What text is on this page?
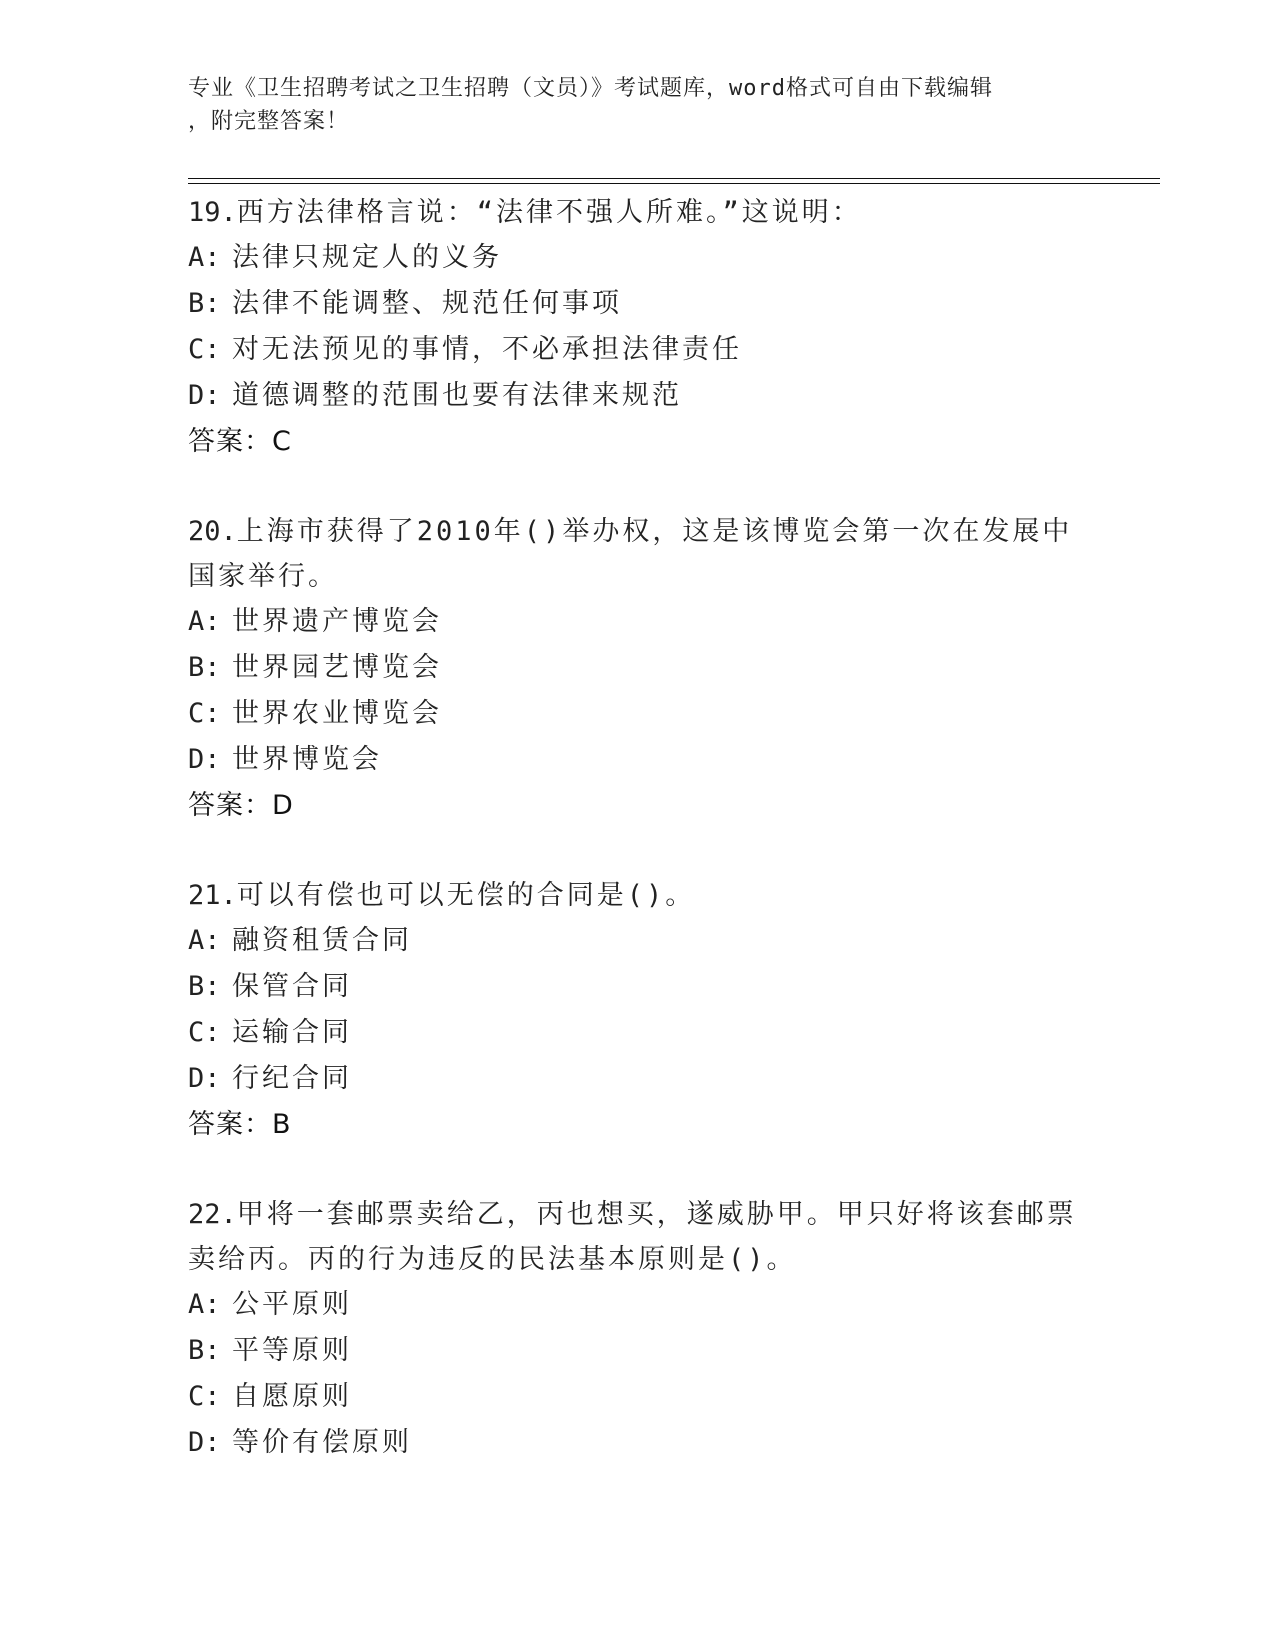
专业《卫生招聘考试之卫生招聘（文员）》考试题库，word格式可自由下载编辑
，附完整答案！

19.西方法律格言说：“法律不强人所难。”这说明：

A: 法律只规定人的义务

B: 法律不能调整、规范任何事项

C: 对无法预见的事情，不必承担法律责任

D: 道德调整的范围也要有法律来规范

答案：C

20.上海市获得了2010年()举办权，这是该博览会第一次在发展中国家举行。

A: 世界遗产博览会

B: 世界园艺博览会

C: 世界农业博览会

D: 世界博览会

答案：D

21.可以有偿也可以无偿的合同是()。

A: 融资租赁合同

B: 保管合同

C: 运输合同

D: 行纪合同

答案：B

22.甲将一套邮票卖给乙，丙也想买，遂威胁甲。甲只好将该套邮票卖给丙。丙的行为违反的民法基本原则是()。

A: 公平原则

B: 平等原则

C: 自愿原则

D: 等价有偿原则
